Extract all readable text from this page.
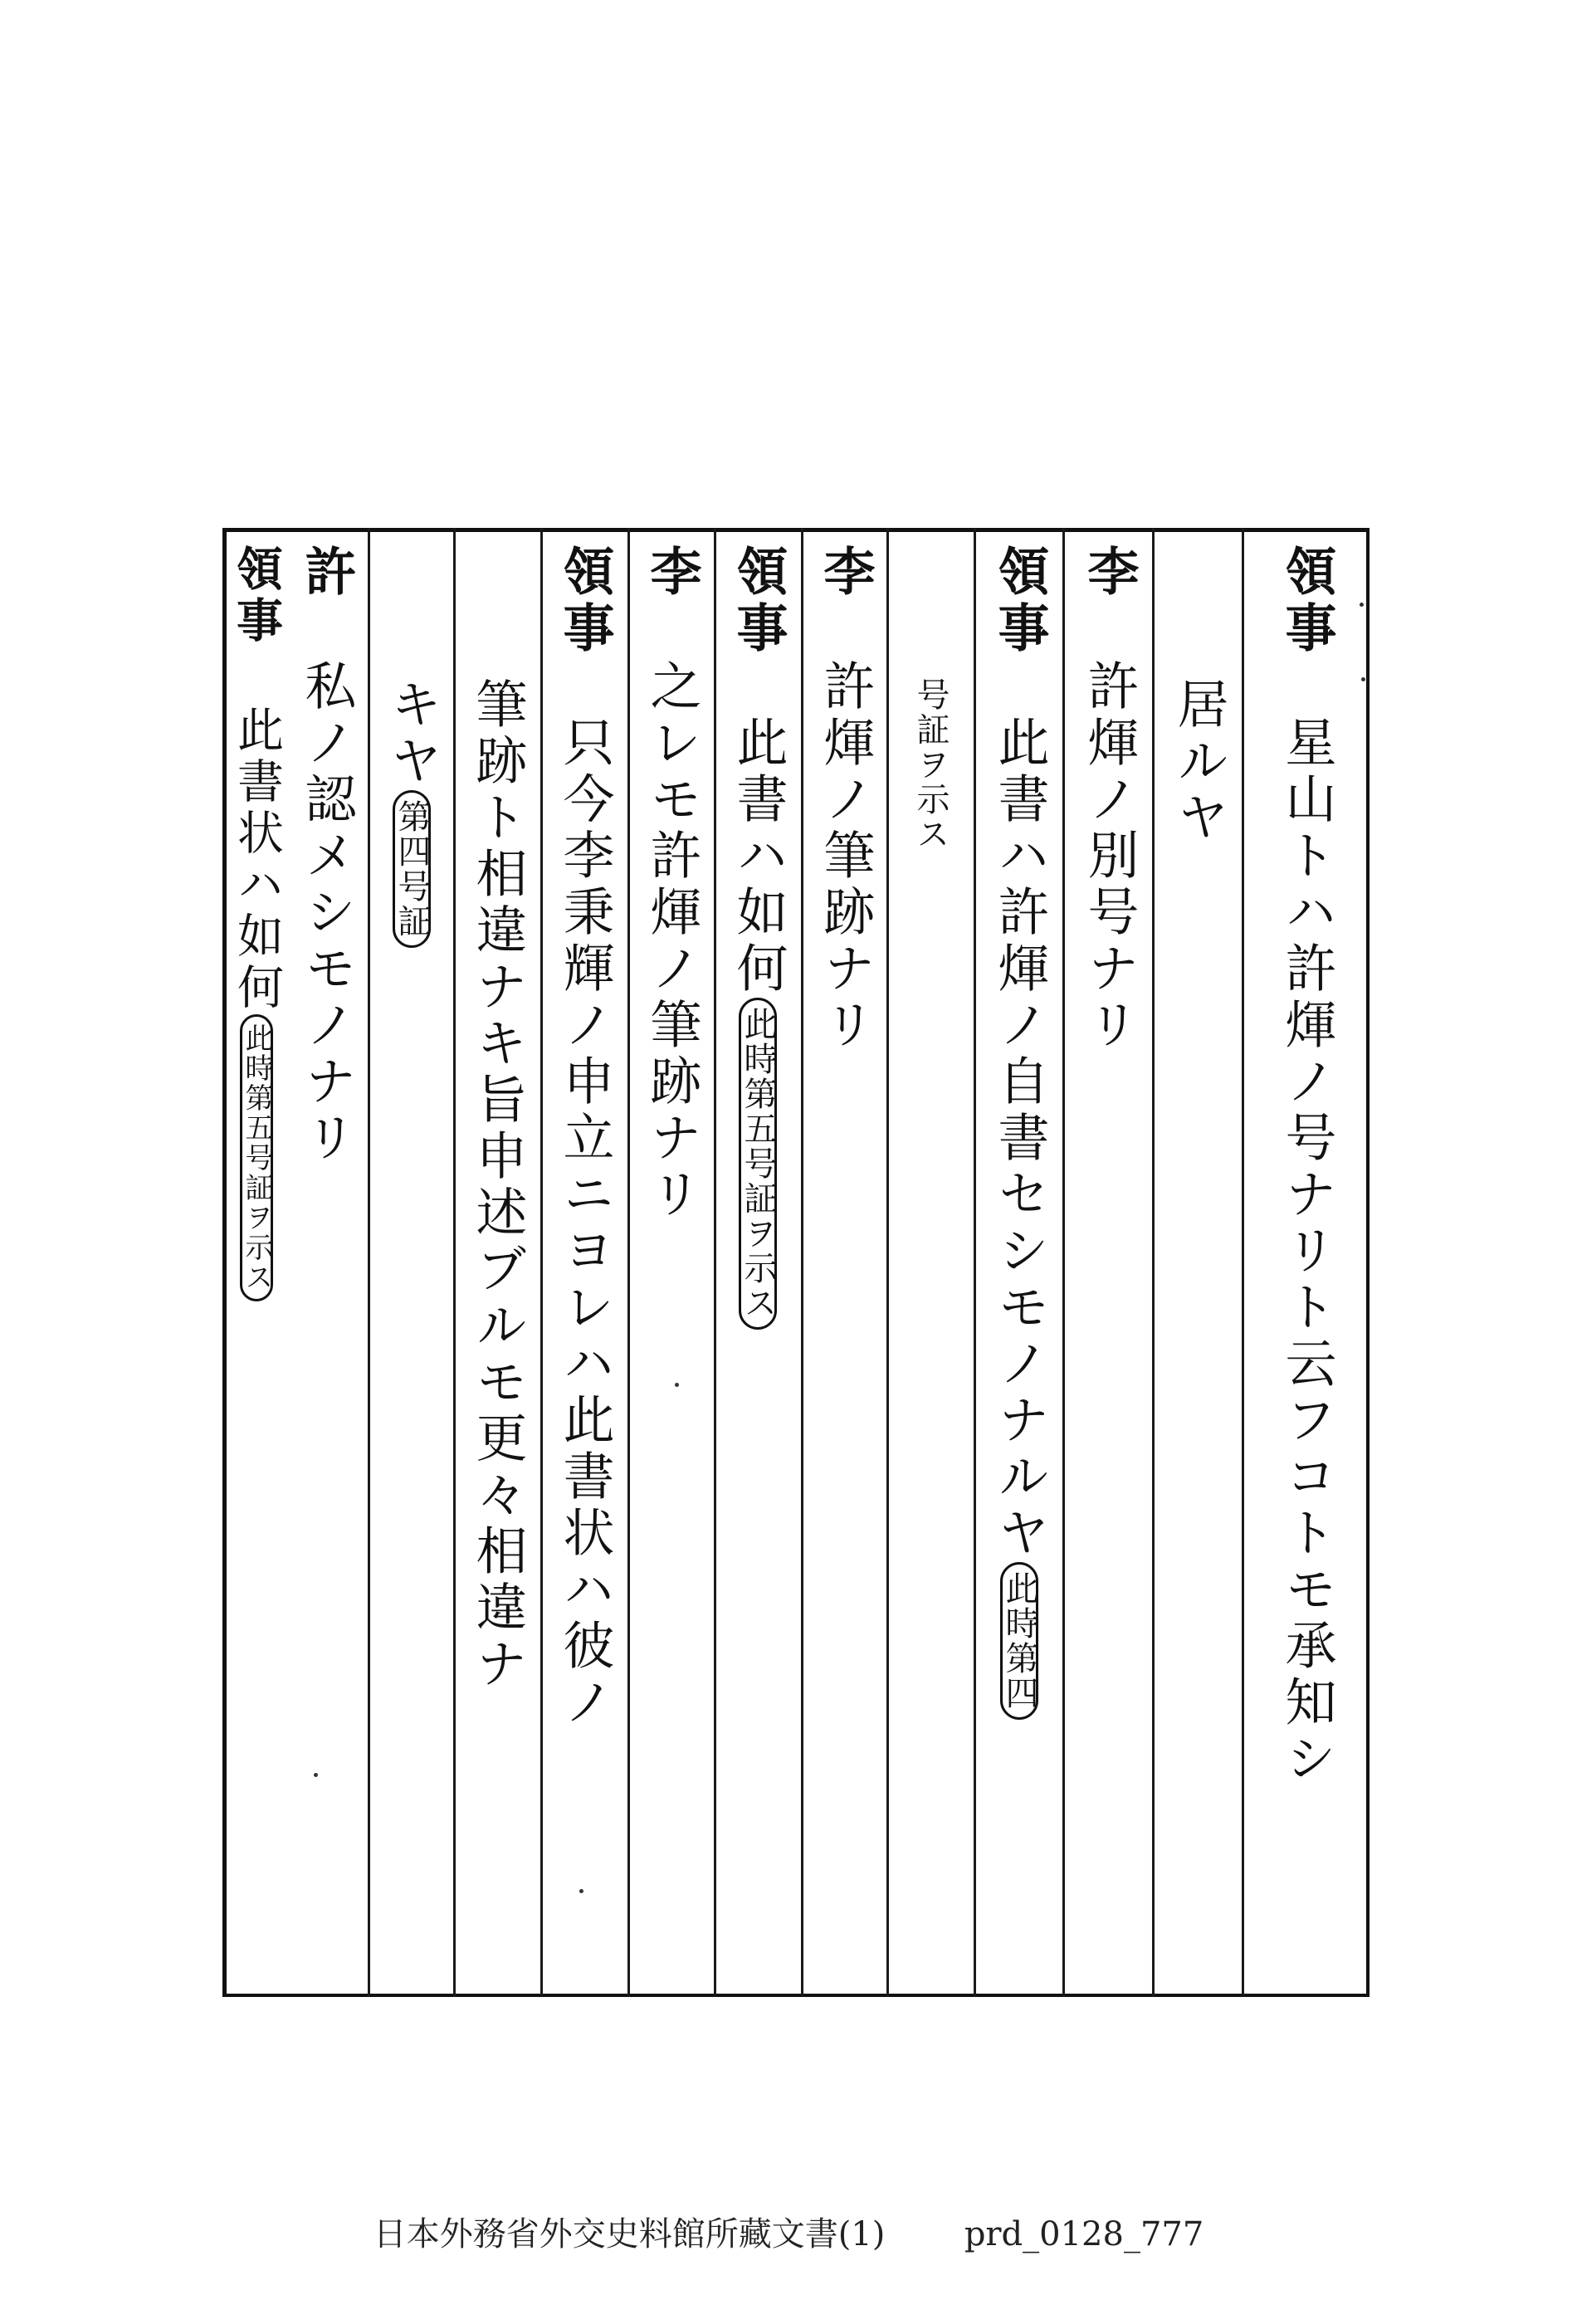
領事
星山トハ許煇ノ号ナリト云フコトモ承知シ
居ルヤ
李
許煇ノ別号ナリ
領事
此書ハ許煇ノ自書セシモノナルヤ
此時第四
号証ヲ示ス
李
許煇ノ筆跡ナリ
領事
此書ハ如何
此時第五号証ヲ示ス
李
之レモ許煇ノ筆跡ナリ
領事
只今李秉輝ノ申立ニヨレハ此書状ハ彼ノ
筆跡ト相違ナキ旨申述ブルモ更々相違ナ
キヤ
第四号証
許
私ノ認メシモノナリ
領事
此書状ハ如何
此時第五号証ヲ示ス
日本外務省外交史料館所藏文書(1) prd_0128_777
